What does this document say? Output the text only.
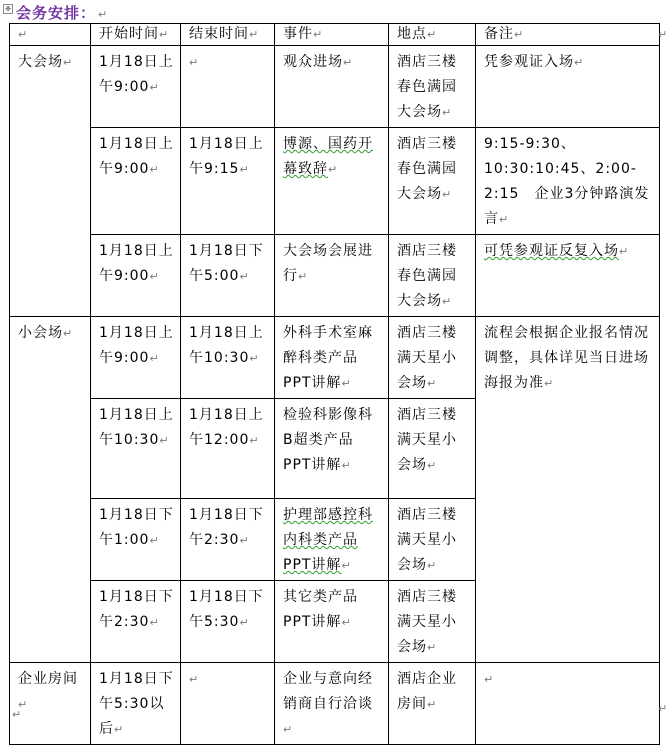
✥ 会务安排： ↵
↵	开始时间↵	结束时间↵	事件↵	地点↵	备注↵
大会场↵	1月18日上午9:00↵	↵	观众进场↵	酒店三楼春色满园大会场↵	凭参观证入场↵
	1月18日上午9:00↵	1月18日上午9:15↵	博源、国药开幕致辞↵	酒店三楼春色满园大会场↵	9:15-9:30、10:30:10:45、2:00-2:15　企业3分钟路演发言↵
	1月18日上午9:00↵	1月18日下午5:00↵	大会场会展进行↵	酒店三楼春色满园大会场↵	可凭参观证反复入场↵
小会场↵	1月18日上午9:00↵	1月18日上午10:30↵	外科手术室麻醉科类产品PPT讲解↵	酒店三楼满天星小会场↵	流程会根据企业报名情况调整，具体详见当日进场海报为准↵
	1月18日上午10:30↵	1月18日上午12:00↵	检验科影像科B超类产品PPT讲解↵	酒店三楼满天星小会场↵	
	1月18日下午1:00↵	1月18日下午2:30↵	护理部感控科内科类产品PPT讲解↵	酒店三楼满天星小会场↵	
	1月18日下午2:30↵	1月18日下午5:30↵	其它类产品PPT讲解↵	酒店三楼满天星小会场↵	
企业房间↵	1月18日下午5:30以后↵	↵	企业与意向经销商自行洽谈↵	酒店企业房间↵	↵
↵
↵
↵
